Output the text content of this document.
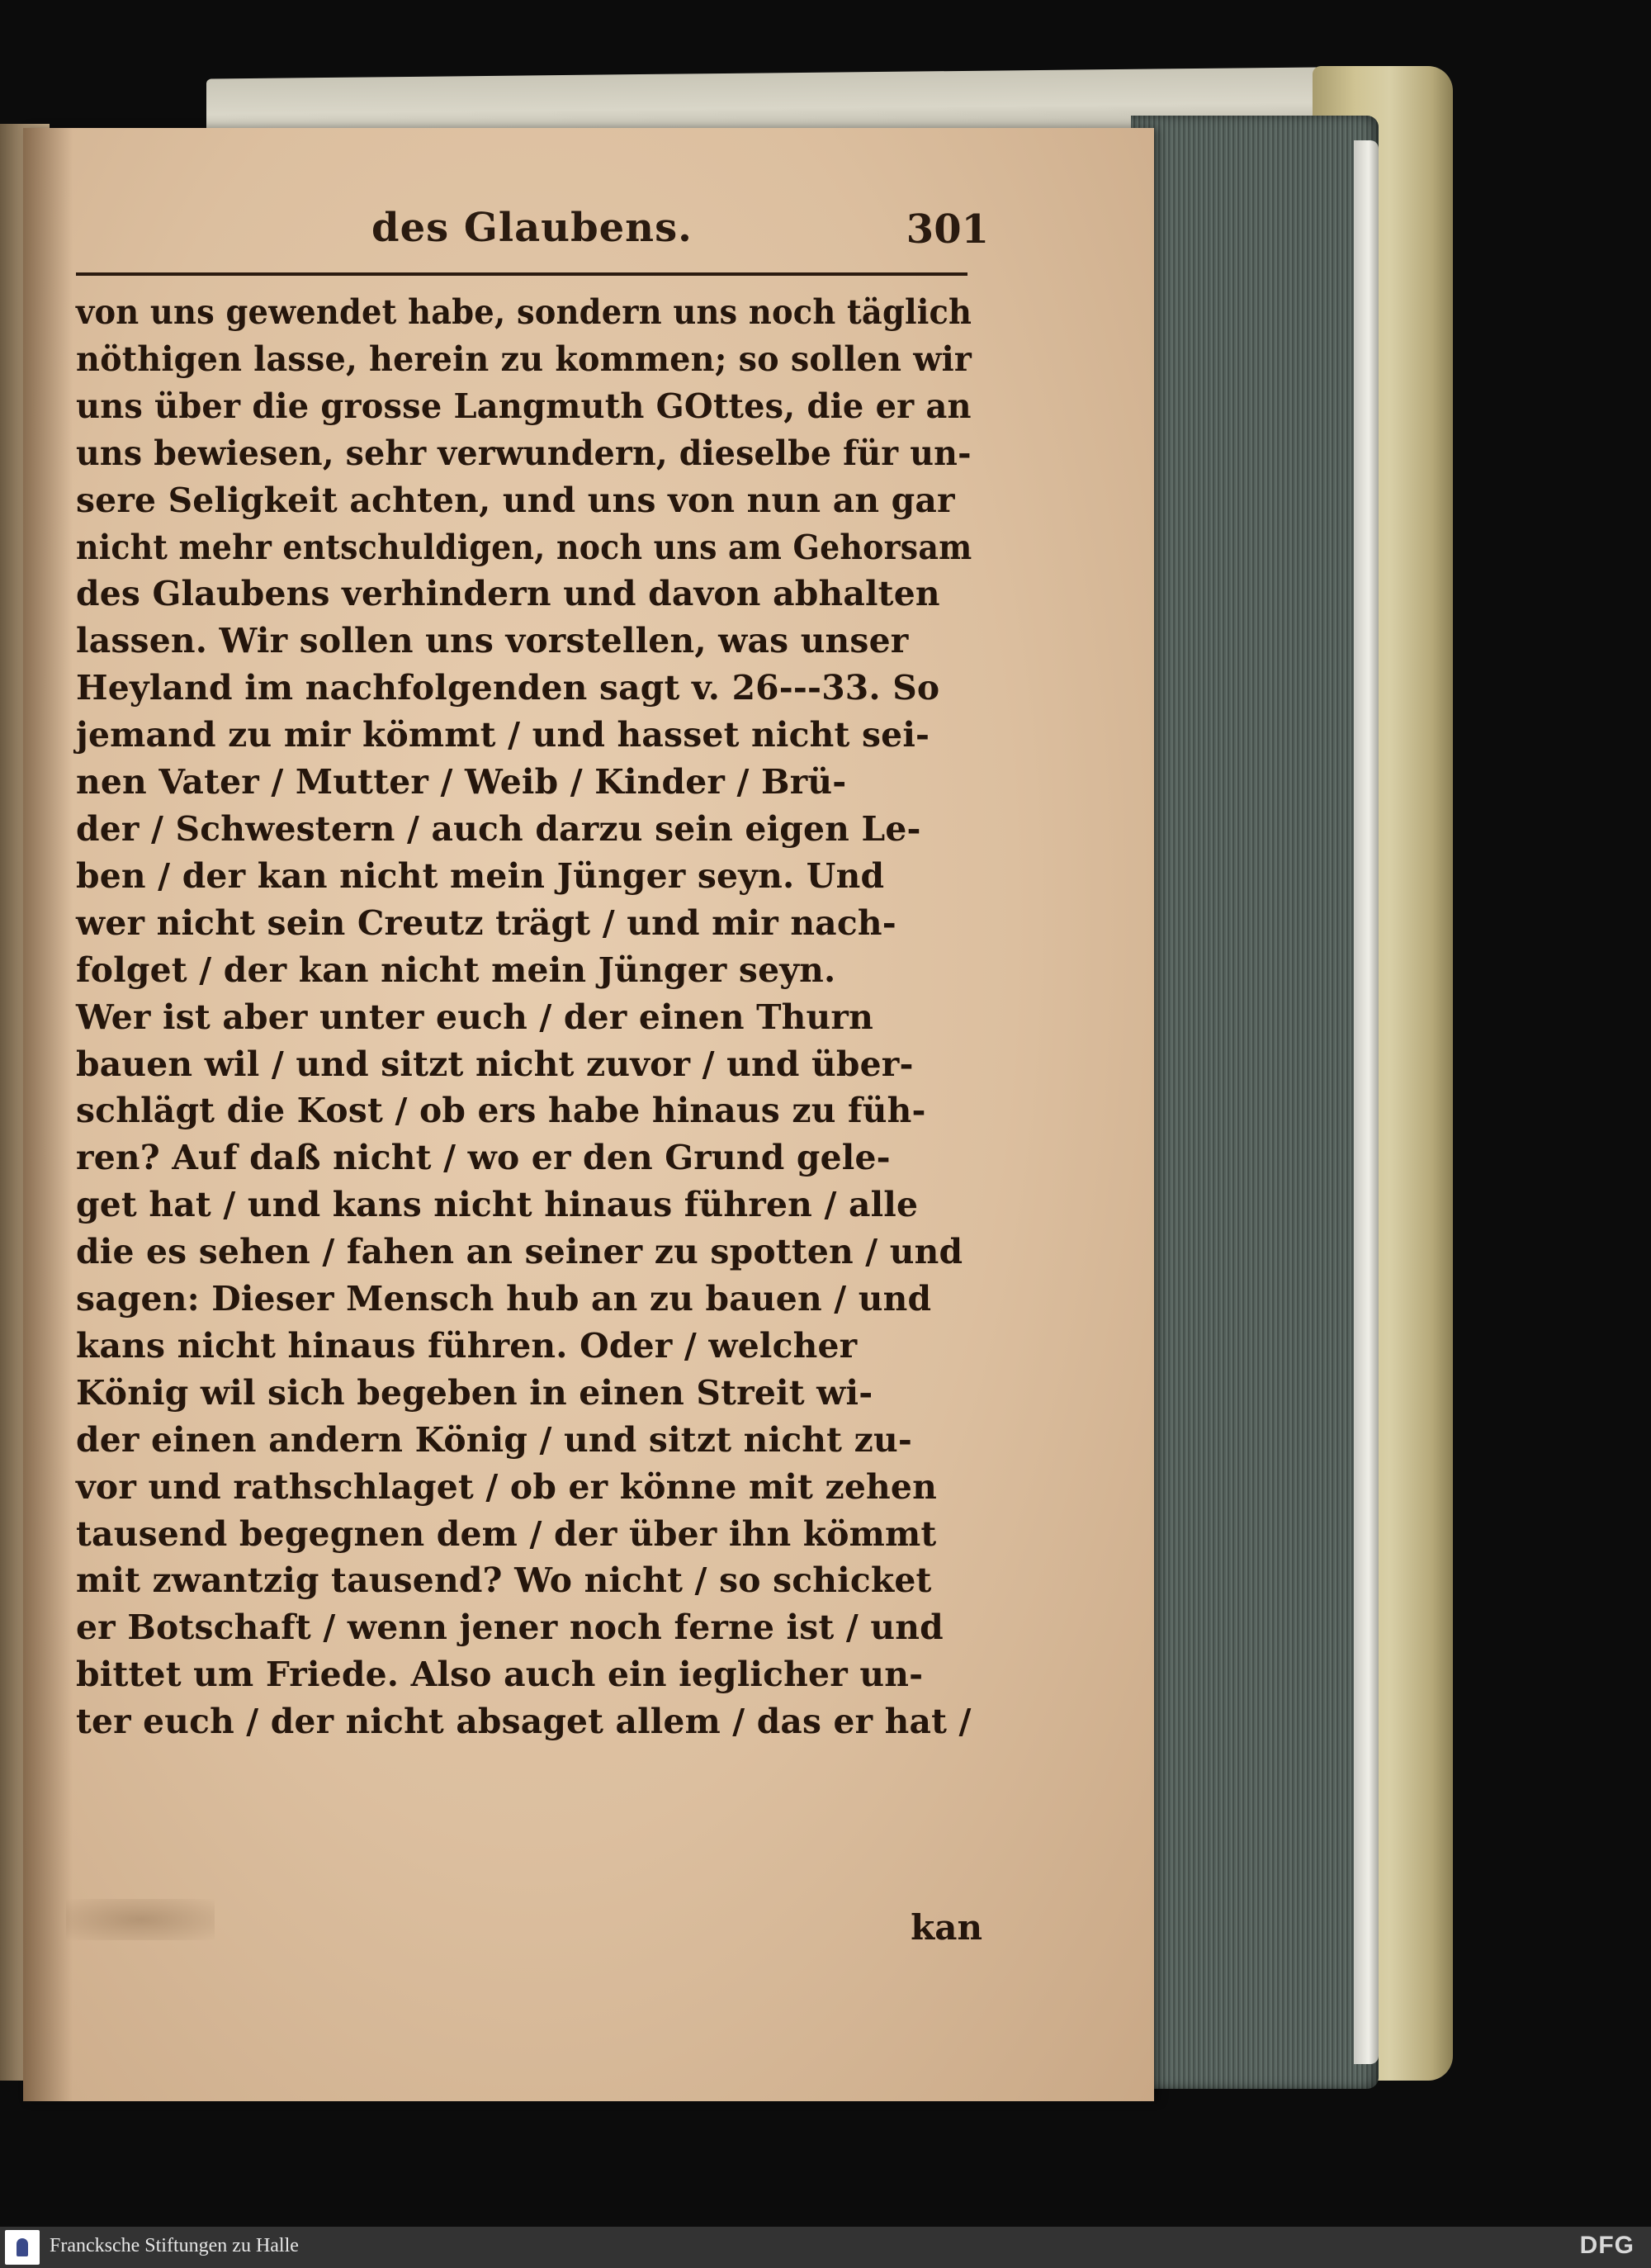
des Glaubens.	301
von uns gewendet habe, sondern uns noch täglich
nöthigen lasse, herein zu kommen; so sollen wir
uns über die grosse Langmuth GOttes, die er an
uns bewiesen, sehr verwundern, dieselbe für un-
sere Seligkeit achten, und uns von nun an gar
nicht mehr entschuldigen, noch uns am Gehorsam
des Glaubens verhindern und davon abhalten
lassen. Wir sollen uns vorstellen, was unser
Heyland im nachfolgenden sagt v. 26---33. So
jemand zu mir kömmt / und hasset nicht sei-
nen Vater / Mutter / Weib / Kinder / Brü-
der / Schwestern / auch darzu sein eigen Le-
ben / der kan nicht mein Jünger seyn. Und
wer nicht sein Creutz trägt / und mir nach-
folget / der kan nicht mein Jünger seyn.
Wer ist aber unter euch / der einen Thurn
bauen wil / und sitzt nicht zuvor / und über-
schlägt die Kost / ob ers habe hinaus zu füh-
ren? Auf daß nicht / wo er den Grund gele-
get hat / und kans nicht hinaus führen / alle
die es sehen / fahen an seiner zu spotten / und
sagen: Dieser Mensch hub an zu bauen / und
kans nicht hinaus führen. Oder / welcher
König wil sich begeben in einen Streit wi-
der einen andern König / und sitzt nicht zu-
vor und rathschlaget / ob er könne mit zehen
tausend begegnen dem / der über ihn kömmt
mit zwantzig tausend? Wo nicht / so schicket
er Botschaft / wenn jener noch ferne ist / und
bittet um Friede. Also auch ein ieglicher un-
ter euch / der nicht absaget allem / das er hat /
kan
Francksche Stiftungen zu Halle	DFG
